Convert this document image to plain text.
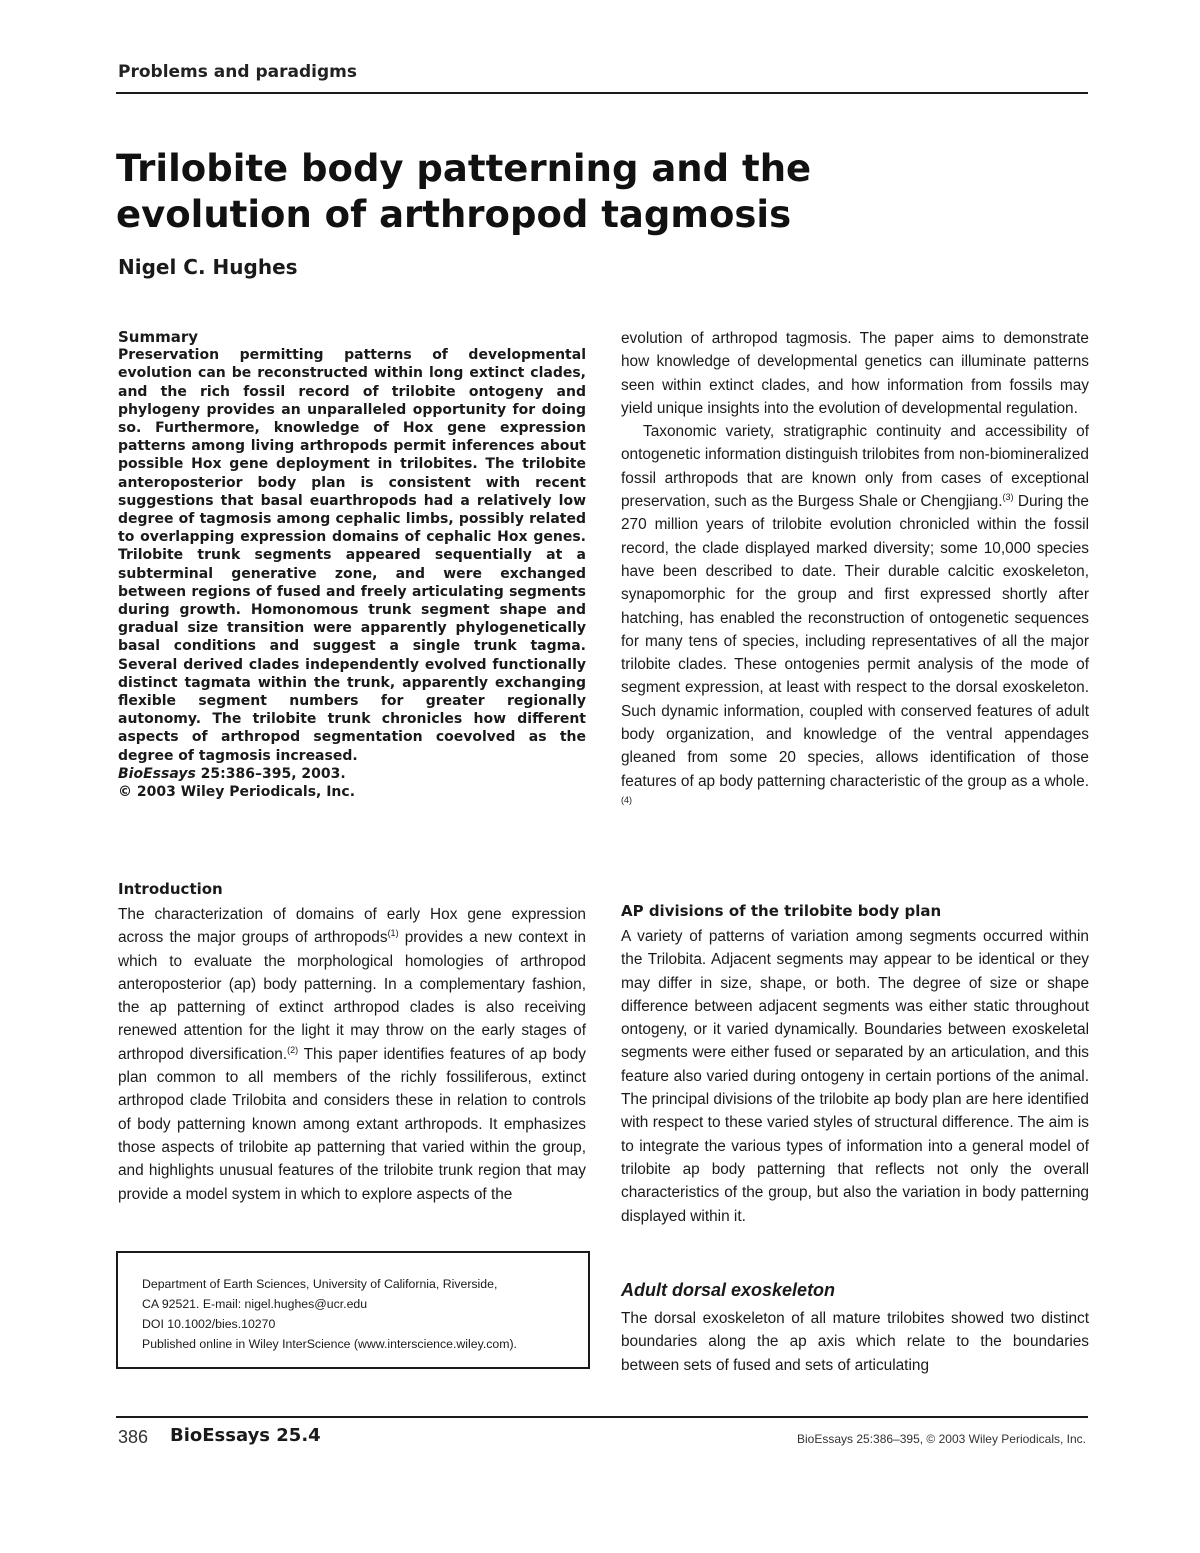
Problems and paradigms
Trilobite body patterning and the evolution of arthropod tagmosis
Nigel C. Hughes
Summary

Preservation permitting patterns of developmental evolution can be reconstructed within long extinct clades, and the rich fossil record of trilobite ontogeny and phylogeny provides an unparalleled opportunity for doing so. Furthermore, knowledge of Hox gene expression patterns among living arthropods permit inferences about possible Hox gene deployment in trilobites. The trilobite anteroposterior body plan is consistent with recent suggestions that basal euarthropods had a relatively low degree of tagmosis among cephalic limbs, possibly related to overlapping expression domains of cephalic Hox genes. Trilobite trunk segments appeared sequentially at a subterminal generative zone, and were exchanged between regions of fused and freely articulating segments during growth. Homonomous trunk segment shape and gradual size transition were apparently phylogenetically basal conditions and suggest a single trunk tagma. Several derived clades independently evolved functionally distinct tagmata within the trunk, apparently exchanging flexible segment numbers for greater regionally autonomy. The trilobite trunk chronicles how different aspects of arthropod segmentation coevolved as the degree of tagmosis increased.
BioEssays 25:386–395, 2003.
© 2003 Wiley Periodicals, Inc.

Introduction

The characterization of domains of early Hox gene expression across the major groups of arthropods$^{(1)}$ provides a new context in which to evaluate the morphological homologies of arthropod anteroposterior (ap) body patterning. In a complementary fashion, the ap patterning of extinct arthropod clades is also receiving renewed attention for the light it may throw on the early stages of arthropod diversification.$^{(2)}$ This paper identifies features of ap body plan common to all members of the richly fossiliferous, extinct arthropod clade Trilobita and considers these in relation to controls of body patterning known among extant arthropods. It emphasizes those aspects of trilobite ap patterning that varied within the group, and highlights unusual features of the trilobite trunk region that may provide a model system in which to explore aspects of the

Department of Earth Sciences, University of California, Riverside,
CA 92521. E-mail: nigel.hughes@ucr.edu
DOI 10.1002/bies.10270
Published online in Wiley InterScience (www.interscience.wiley.com).

evolution of arthropod tagmosis. The paper aims to demonstrate how knowledge of developmental genetics can illuminate patterns seen within extinct clades, and how information from fossils may yield unique insights into the evolution of developmental regulation.

Taxonomic variety, stratigraphic continuity and accessibility of ontogenetic information distinguish trilobites from non-biomineralized fossil arthropods that are known only from cases of exceptional preservation, such as the Burgess Shale or Chengjiang.$^{(3)}$ During the 270 million years of trilobite evolution chronicled within the fossil record, the clade displayed marked diversity; some 10,000 species have been described to date. Their durable calcitic exoskeleton, synapomorphic for the group and first expressed shortly after hatching, has enabled the reconstruction of ontogenetic sequences for many tens of species, including representatives of all the major trilobite clades. These ontogenies permit analysis of the mode of segment expression, at least with respect to the dorsal exoskeleton. Such dynamic information, coupled with conserved features of adult body organization, and knowledge of the ventral appendages gleaned from some 20 species, allows identification of those features of ap body patterning characteristic of the group as a whole.$^{(4)}$

AP divisions of the trilobite body plan

A variety of patterns of variation among segments occurred within the Trilobita. Adjacent segments may appear to be identical or they may differ in size, shape, or both. The degree of size or shape difference between adjacent segments was either static throughout ontogeny, or it varied dynamically. Boundaries between exoskeletal segments were either fused or separated by an articulation, and this feature also varied during ontogeny in certain portions of the animal. The principal divisions of the trilobite ap body plan are here identified with respect to these varied styles of structural difference. The aim is to integrate the various types of information into a general model of trilobite ap body patterning that reflects not only the overall characteristics of the group, but also the variation in body patterning displayed within it.

Adult dorsal exoskeleton

The dorsal exoskeleton of all mature trilobites showed two distinct boundaries along the ap axis which relate to the boundaries between sets of fused and sets of articulating

386 BioEssays 25.4	BioEssays 25:386–395, © 2003 Wiley Periodicals, Inc.
